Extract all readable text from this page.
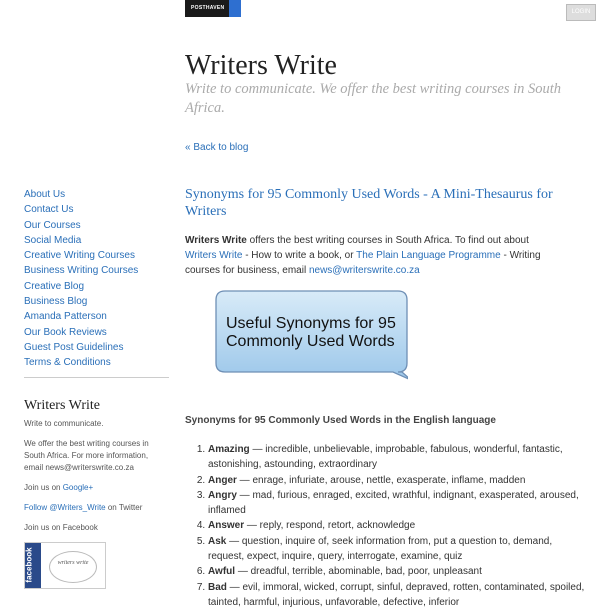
POSTHAVEN
LOGIN
Writers Write

Write to communicate. We offer the best writing courses in South Africa.

« Back to blog
About Us
Contact Us
Our Courses
Social Media
Creative Writing Courses
Business Writing Courses
Creative Blog
Business Blog
Amanda Patterson
Our Book Reviews
Guest Post Guidelines
Terms & Conditions
Writers Write

Write to communicate.

We offer the best writing courses in South Africa. For more information, email news@writerswrite.co.za

Join us on Google+

Follow @Writers_Write on Twitter

Join us on Facebook

facebook	writers write
Synonyms for 95 Commonly Used Words - A Mini-Thesaurus for Writers

Writers Write offers the best writing courses in South Africa. To find out about Writers Write - How to write a book, or The Plain Language Programme - Writing courses for business, email news@writerswrite.co.za

Useful Synonyms for 95 Commonly Used Words

Synonyms for 95 Commonly Used Words in the English language

1. Amazing — incredible, unbelievable, improbable, fabulous, wonderful, fantastic, astonishing, astounding, extraordinary
2. Anger — enrage, infuriate, arouse, nettle, exasperate, inflame, madden
3. Angry — mad, furious, enraged, excited, wrathful, indignant, exasperated, aroused, inflamed
4. Answer — reply, respond, retort, acknowledge
5. Ask — question, inquire of, seek information from, put a question to, demand, request, expect, inquire, query, interrogate, examine, quiz
6. Awful — dreadful, terrible, abominable, bad, poor, unpleasant
7. Bad — evil, immoral, wicked, corrupt, sinful, depraved, rotten, contaminated, spoiled, tainted, harmful, injurious, unfavorable, defective, inferior
